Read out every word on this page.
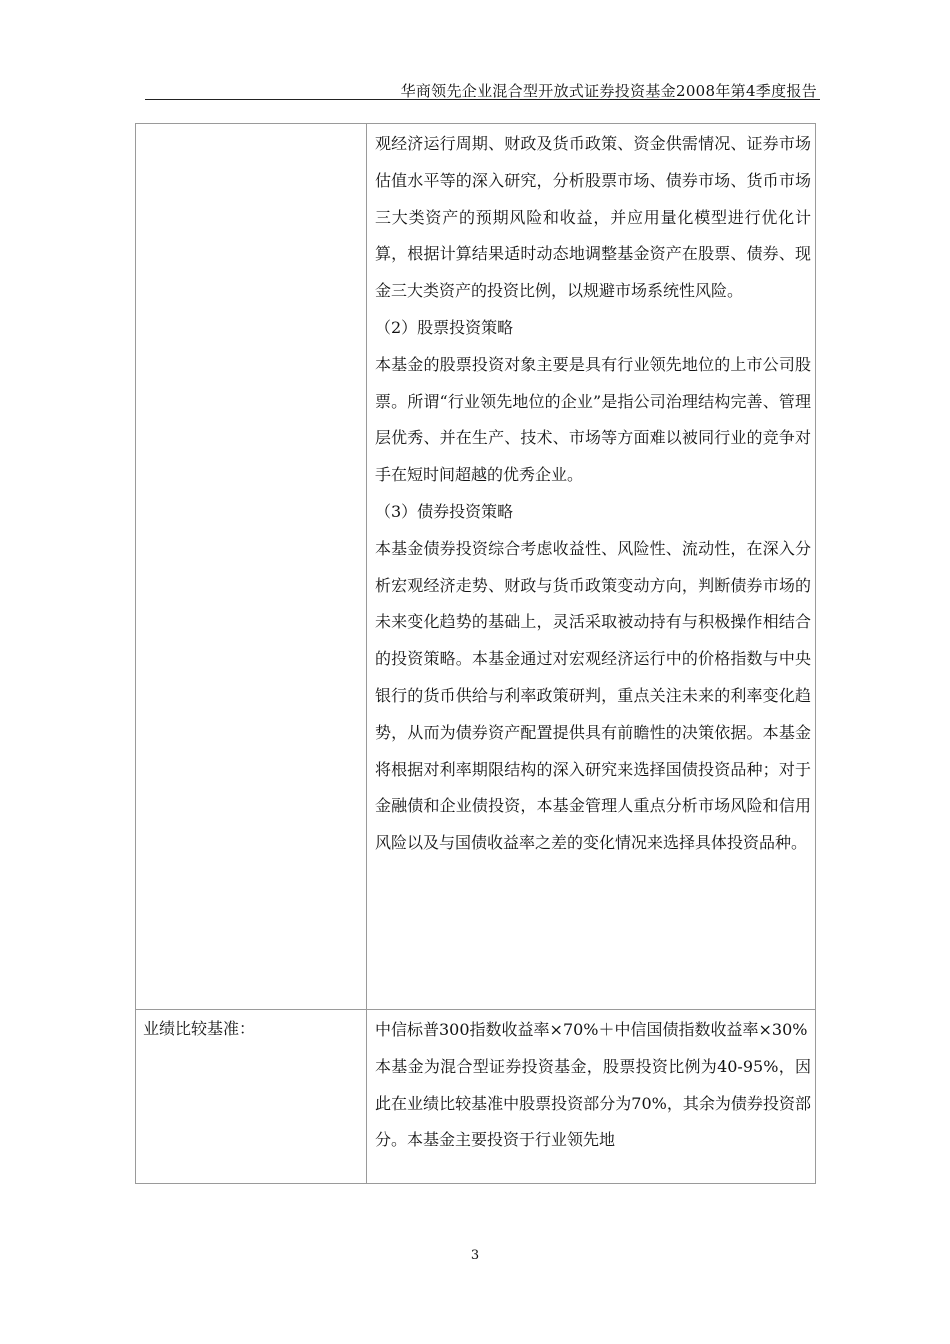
华商领先企业混合型开放式证券投资基金2008年第4季度报告

	观经济运行周期、财政及货币政策、资金供需情况、证券市场估值水平等的深入研究，分析股票市场、债券市场、货币市场三大类资产的预期风险和收益，并应用量化模型进行优化计算，根据计算结果适时动态地调整基金资产在股票、债券、现金三大类资产的投资比例，以规避市场系统性风险。

（2）股票投资策略

本基金的股票投资对象主要是具有行业领先地位的上市公司股票。所谓“行业领先地位的企业”是指公司治理结构完善、管理层优秀、并在生产、技术、市场等方面难以被同行业的竞争对手在短时间超越的优秀企业。

（3）债券投资策略

本基金债券投资综合考虑收益性、风险性、流动性，在深入分析宏观经济走势、财政与货币政策变动方向，判断债券市场的未来变化趋势的基础上，灵活采取被动持有与积极操作相结合的投资策略。本基金通过对宏观经济运行中的价格指数与中央银行的货币供给与利率政策研判，重点关注未来的利率变化趋势，从而为债券资产配置提供具有前瞻性的决策依据。本基金将根据对利率期限结构的深入研究来选择国债投资品种；对于金融债和企业债投资，本基金管理人重点分析市场风险和信用风险以及与国债收益率之差的变化情况来选择具体投资品种。

业绩比较基准：	中信标普300指数收益率×70%＋中信国债指数收益率×30%

本基金为混合型证券投资基金，股票投资比例为40-95%，因此在业绩比较基准中股票投资部分为70%，其余为债券投资部分。本基金主要投资于行业领先地

3
